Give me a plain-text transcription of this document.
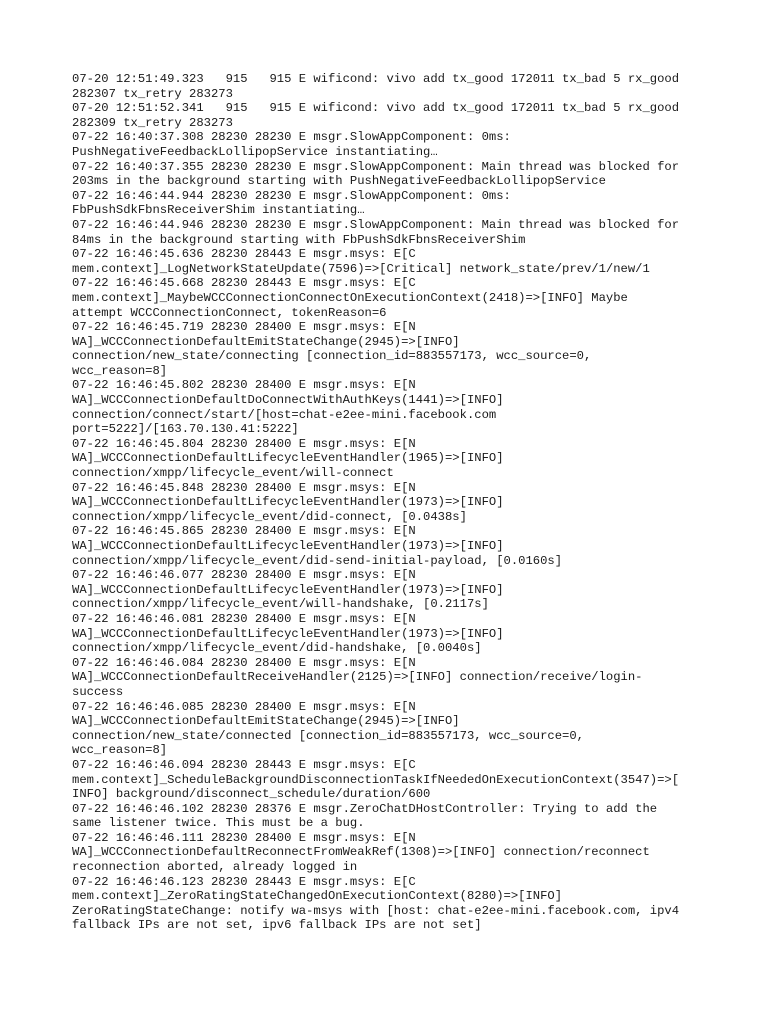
07-20 12:51:49.323   915   915 E wificond: vivo add tx_good 172011 tx_bad 5 rx_good

282307 tx_retry 283273

07-20 12:51:52.341   915   915 E wificond: vivo add tx_good 172011 tx_bad 5 rx_good

282309 tx_retry 283273

07-22 16:40:37.308 28230 28230 E msgr.SlowAppComponent: 0ms:

PushNegativeFeedbackLollipopService instantiating…

07-22 16:40:37.355 28230 28230 E msgr.SlowAppComponent: Main thread was blocked for

203ms in the background starting with PushNegativeFeedbackLollipopService

07-22 16:46:44.944 28230 28230 E msgr.SlowAppComponent: 0ms:

FbPushSdkFbnsReceiverShim instantiating…

07-22 16:46:44.946 28230 28230 E msgr.SlowAppComponent: Main thread was blocked for

84ms in the background starting with FbPushSdkFbnsReceiverShim

07-22 16:46:45.636 28230 28443 E msgr.msys: E[C

mem.context]_LogNetworkStateUpdate(7596)=>[Critical] network_state/prev/1/new/1

07-22 16:46:45.668 28230 28443 E msgr.msys: E[C

mem.context]_MaybeWCCConnectionConnectOnExecutionContext(2418)=>[INFO] Maybe

attempt WCCConnectionConnect, tokenReason=6

07-22 16:46:45.719 28230 28400 E msgr.msys: E[N

WA]_WCCConnectionDefaultEmitStateChange(2945)=>[INFO]

connection/new_state/connecting [connection_id=883557173, wcc_source=0,

wcc_reason=8]

07-22 16:46:45.802 28230 28400 E msgr.msys: E[N

WA]_WCCConnectionDefaultDoConnectWithAuthKeys(1441)=>[INFO]

connection/connect/start/[host=chat-e2ee-mini.facebook.com

port=5222]/[163.70.130.41:5222]

07-22 16:46:45.804 28230 28400 E msgr.msys: E[N

WA]_WCCConnectionDefaultLifecycleEventHandler(1965)=>[INFO]

connection/xmpp/lifecycle_event/will-connect

07-22 16:46:45.848 28230 28400 E msgr.msys: E[N

WA]_WCCConnectionDefaultLifecycleEventHandler(1973)=>[INFO]

connection/xmpp/lifecycle_event/did-connect, [0.0438s]

07-22 16:46:45.865 28230 28400 E msgr.msys: E[N

WA]_WCCConnectionDefaultLifecycleEventHandler(1973)=>[INFO]

connection/xmpp/lifecycle_event/did-send-initial-payload, [0.0160s]

07-22 16:46:46.077 28230 28400 E msgr.msys: E[N

WA]_WCCConnectionDefaultLifecycleEventHandler(1973)=>[INFO]

connection/xmpp/lifecycle_event/will-handshake, [0.2117s]

07-22 16:46:46.081 28230 28400 E msgr.msys: E[N

WA]_WCCConnectionDefaultLifecycleEventHandler(1973)=>[INFO]

connection/xmpp/lifecycle_event/did-handshake, [0.0040s]

07-22 16:46:46.084 28230 28400 E msgr.msys: E[N

WA]_WCCConnectionDefaultReceiveHandler(2125)=>[INFO] connection/receive/login-

success

07-22 16:46:46.085 28230 28400 E msgr.msys: E[N

WA]_WCCConnectionDefaultEmitStateChange(2945)=>[INFO]

connection/new_state/connected [connection_id=883557173, wcc_source=0,

wcc_reason=8]

07-22 16:46:46.094 28230 28443 E msgr.msys: E[C

mem.context]_ScheduleBackgroundDisconnectionTaskIfNeededOnExecutionContext(3547)=>[

INFO] background/disconnect_schedule/duration/600

07-22 16:46:46.102 28230 28376 E msgr.ZeroChatDHostController: Trying to add the

same listener twice. This must be a bug.

07-22 16:46:46.111 28230 28400 E msgr.msys: E[N

WA]_WCCConnectionDefaultReconnectFromWeakRef(1308)=>[INFO] connection/reconnect

reconnection aborted, already logged in

07-22 16:46:46.123 28230 28443 E msgr.msys: E[C

mem.context]_ZeroRatingStateChangedOnExecutionContext(8280)=>[INFO]

ZeroRatingStateChange: notify wa-msys with [host: chat-e2ee-mini.facebook.com, ipv4

fallback IPs are not set, ipv6 fallback IPs are not set]
